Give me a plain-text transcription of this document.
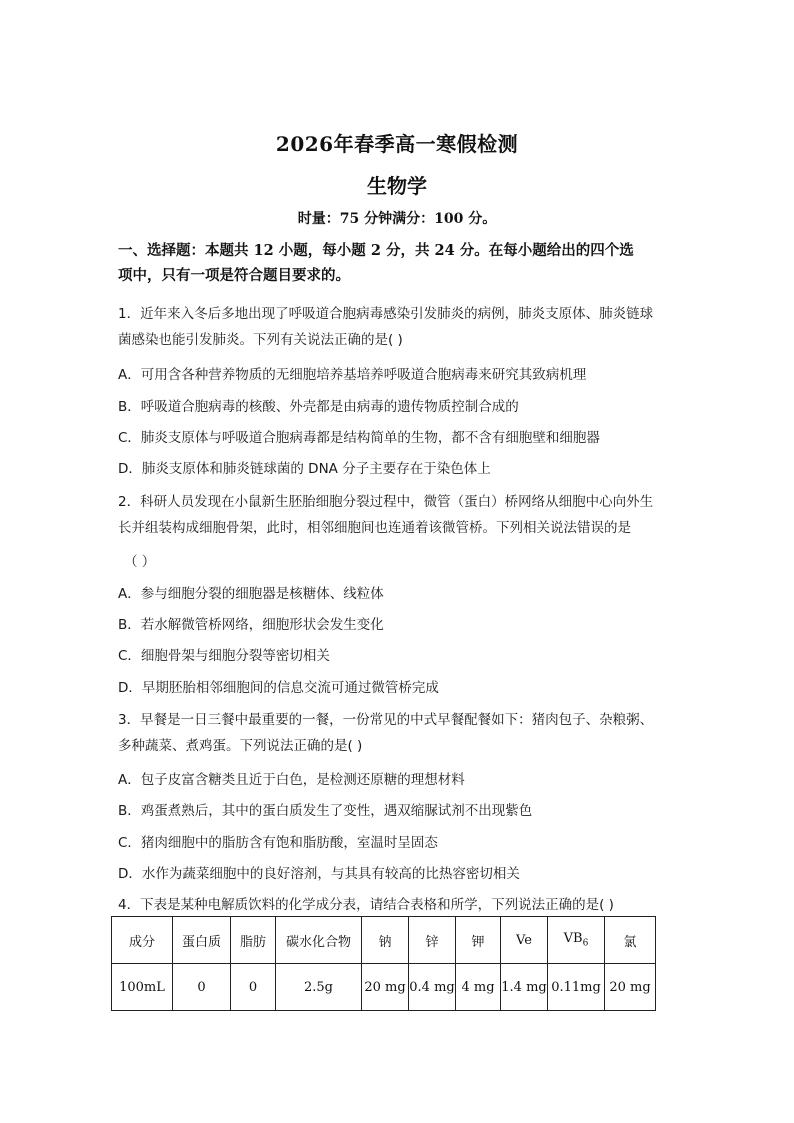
2026年春季高一寒假检测
生物学
时量：75 分钟满分：100 分。
一、选择题：本题共 12 小题，每小题 2 分，共 24 分。在每小题给出的四个选
项中，只有一项是符合题目要求的。
1．近年来入冬后多地出现了呼吸道合胞病毒感染引发肺炎的病例，肺炎支原体、肺炎链球
菌感染也能引发肺炎。下列有关说法正确的是( )
A．可用含各种营养物质的无细胞培养基培养呼吸道合胞病毒来研究其致病机理
B．呼吸道合胞病毒的核酸、外壳都是由病毒的遗传物质控制合成的
C．肺炎支原体与呼吸道合胞病毒都是结构简单的生物，都不含有细胞壁和细胞器
D．肺炎支原体和肺炎链球菌的 DNA 分子主要存在于染色体上
2．科研人员发现在小鼠新生胚胎细胞分裂过程中，微管（蛋白）桥网络从细胞中心向外生
长并组装构成细胞骨架，此时，相邻细胞间也连通着该微管桥。下列相关说法错误的是
（ ）
A．参与细胞分裂的细胞器是核糖体、线粒体
B．若水解微管桥网络，细胞形状会发生变化
C．细胞骨架与细胞分裂等密切相关
D．早期胚胎相邻细胞间的信息交流可通过微管桥完成
3．早餐是一日三餐中最重要的一餐，一份常见的中式早餐配餐如下：猪肉包子、杂粮粥、
多种蔬菜、煮鸡蛋。下列说法正确的是( )
A．包子皮富含糖类且近于白色，是检测还原糖的理想材料
B．鸡蛋煮熟后，其中的蛋白质发生了变性，遇双缩脲试剂不出现紫色
C．猪肉细胞中的脂肪含有饱和脂肪酸，室温时呈固态
D．水作为蔬菜细胞中的良好溶剂，与其具有较高的比热容密切相关
4．下表是某种电解质饮料的化学成分表，请结合表格和所学，下列说法正确的是( )
成分	蛋白质	脂肪	碳水化合物	钠	锌	钾	Ve	$VB_6$	氯
100mL	0	0	2.5g	20 mg	0.4 mg	4 mg	1.4 mg	0.11mg	20 mg
